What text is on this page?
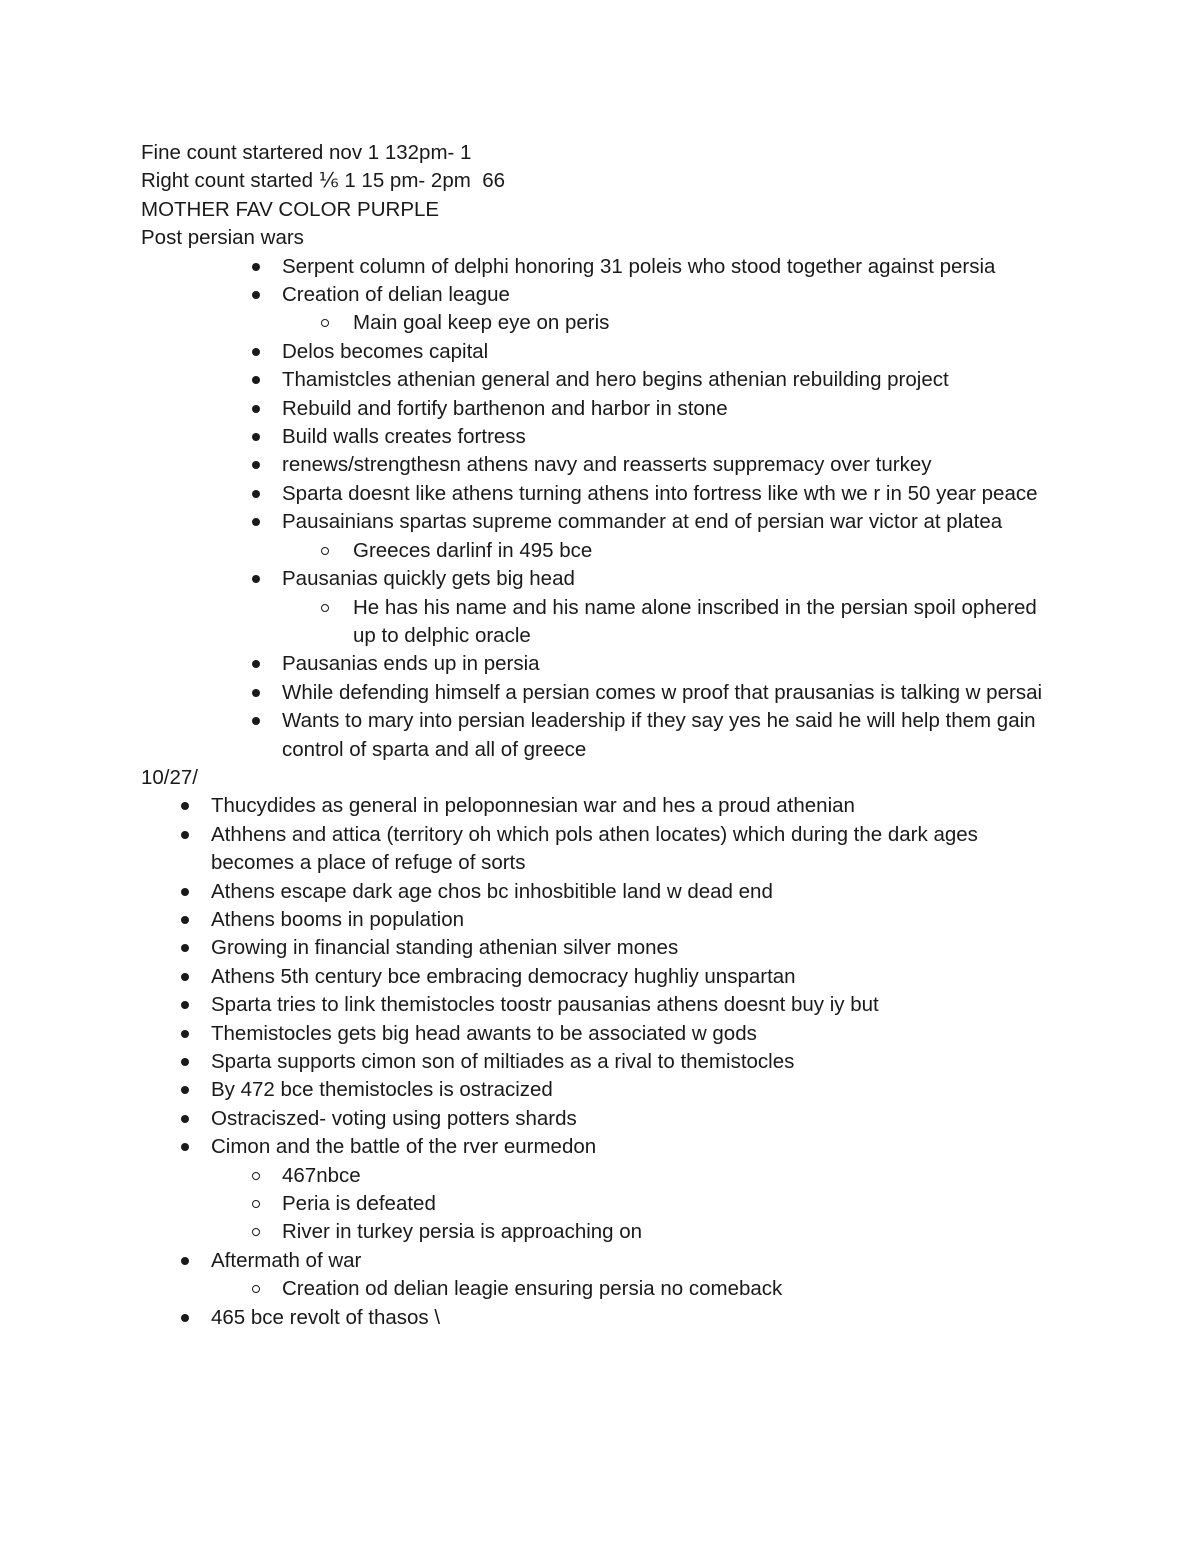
Fine count startered nov 1 132pm- 1

Right count started ⅙ 1 15 pm- 2pm  66

MOTHER FAV COLOR PURPLE

Post persian wars

Serpent column of delphi honoring 31 poleis who stood together against persia
Creation of delian league
Main goal keep eye on peris
Delos becomes capital
Thamistcles athenian general and hero begins athenian rebuilding project
Rebuild and fortify barthenon and harbor in stone
Build walls creates fortress
renews/strengthesn athens navy and reasserts suppremacy over turkey
Sparta doesnt like athens turning athens into fortress like wth we r in 50 year peace
Pausainians spartas supreme commander at end of persian war victor at platea
Greeces darlinf in 495 bce
Pausanias quickly gets big head
He has his name and his name alone inscribed in the persian spoil ophered up to delphic oracle
Pausanias ends up in persia
While defending himself a persian comes w proof that prausanias is talking w persai
Wants to mary into persian leadership if they say yes he said he will help them gain control of sparta and all of greece

10/27/

Thucydides as general in peloponnesian war and hes a proud athenian
Athhens and attica (territory oh which pols athen locates) which during the dark ages becomes a place of refuge of sorts
Athens escape dark age chos bc inhosbitible land w dead end
Athens booms in population
Growing in financial standing athenian silver mones
Athens 5th century bce embracing democracy hughliy unspartan
Sparta tries to link themistocles toostr pausanias athens doesnt buy iy but
Themistocles gets big head awants to be associated w gods
Sparta supports cimon son of miltiades as a rival to themistocles
By 472 bce themistocles is ostracized
Ostraciszed- voting using potters shards
Cimon and the battle of the rver eurmedon
467nbce
Peria is defeated
River in turkey persia is approaching on
Aftermath of war
Creation od delian leagie ensuring persia no comeback
465 bce revolt of thasos \
